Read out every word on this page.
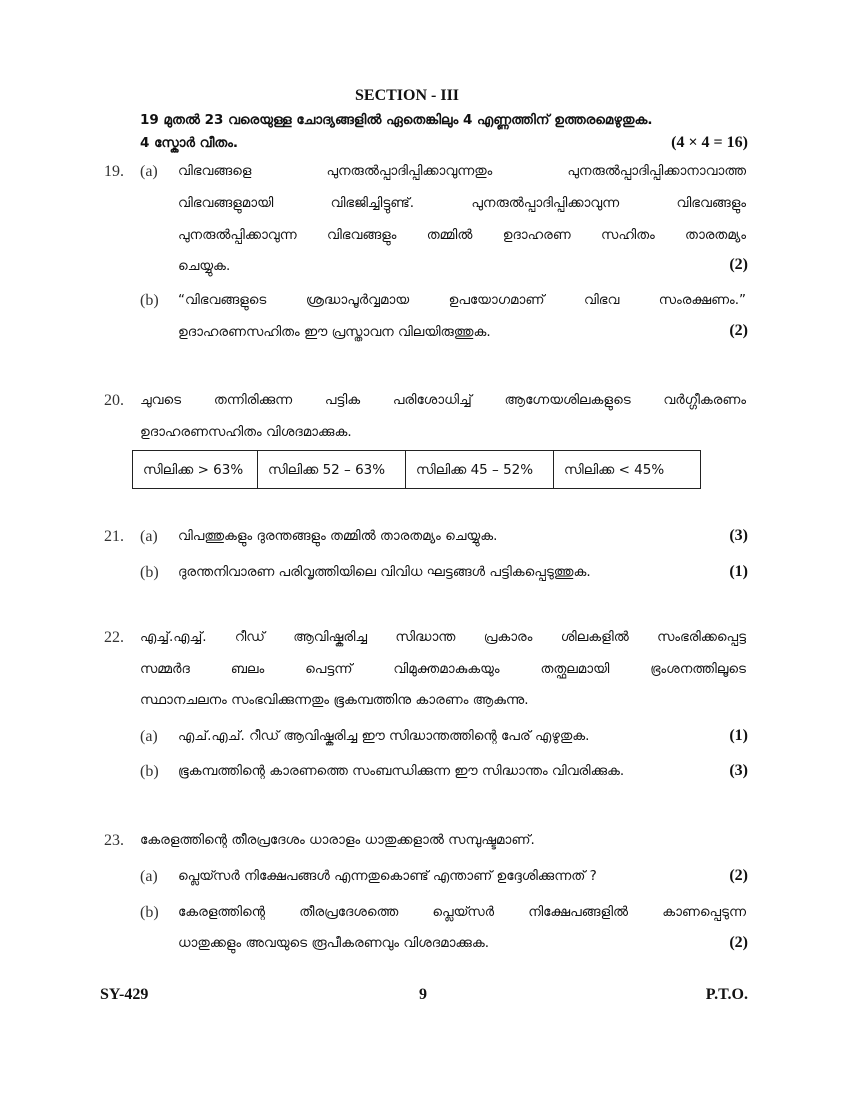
SECTION - III
19 മുതല്‍ 23 വരെയുള്ള ചോദ്യങ്ങളില്‍ ഏതെങ്കിലും 4 എണ്ണത്തിന് ഉത്തരമെഴുതുക.
4 സ്കോര്‍ വീതം.	(4 × 4 = 16)
19. (a) വിഭവങ്ങളെ പുനരുല്‍പ്പാദിപ്പിക്കാവുന്നതും പുനരുല്‍പ്പാദിപ്പിക്കാനാവാത്ത
വിഭവങ്ങളുമായി വിഭജിച്ചിട്ടുണ്ട്. പുനരുല്‍പ്പാദിപ്പിക്കാവുന്ന വിഭവങ്ങളും
പുനരുല്‍പ്പിക്കാവുന്ന വിഭവങ്ങളും തമ്മില്‍ ഉദാഹരണ സഹിതം താരതമ്യം
ചെയ്യുക.	(2)
(b) “വിഭവങ്ങളുടെ ശ്രദ്ധാപൂര്‍വ്വമായ ഉപയോഗമാണ് വിഭവ സംരക്ഷണം.”
ഉദാഹരണസഹിതം ഈ പ്രസ്താവന വിലയിരുത്തുക.	(2)
20. ചുവടെ തന്നിരിക്കുന്ന പട്ടിക പരിശോധിച്ച് ആഗ്നേയശിലകളുടെ വര്‍ഗ്ഗീകരണം
ഉദാഹരണസഹിതം വിശദമാക്കുക.
സിലിക്ക > 63%	സിലിക്ക 52 – 63%	സിലിക്ക 45 – 52%	സിലിക്ക < 45%
21. (a) വിപത്തുകളും ദുരന്തങ്ങളും തമ്മില്‍ താരതമ്യം ചെയ്യുക.	(3)
(b) ദുരന്തനിവാരണ പരിവൃത്തിയിലെ വിവിധ ഘട്ടങ്ങള്‍ പട്ടികപ്പെടുത്തുക.	(1)
22. എച്ച്.എച്ച്. റീഡ് ആവിഷ്കരിച്ച സിദ്ധാന്ത പ്രകാരം ശിലകളില്‍ സംഭരിക്കപ്പെട്ട
സമ്മര്‍ദ ബലം പെട്ടന്ന് വിമുക്തമാകുകയും തത്ഫലമായി ഭ്രംശനത്തിലൂടെ
സ്ഥാനചലനം സംഭവിക്കുന്നതും ഭൂകമ്പത്തിനു കാരണം ആകുന്നു.
(a) എച്.എച്. റീഡ് ആവിഷ്കരിച്ച ഈ സിദ്ധാന്തത്തിന്റെ പേര് എഴുതുക.	(1)
(b) ഭൂകമ്പത്തിന്റെ കാരണത്തെ സംബന്ധിക്കുന്ന ഈ സിദ്ധാന്തം വിവരിക്കുക.	(3)
23. കേരളത്തിന്റെ തീരപ്രദേശം ധാരാളം ധാതുക്കളാല്‍ സമ്പുഷ്ടമാണ്.
(a) പ്ലെയ്സര്‍ നിക്ഷേപങ്ങള്‍ എന്നതുകൊണ്ട് എന്താണ് ഉദ്ദേശിക്കുന്നത് ?	(2)
(b) കേരളത്തിന്റെ തീരപ്രദേശത്തെ പ്ലെയ്സര്‍ നിക്ഷേപങ്ങളില്‍ കാണപ്പെടുന്ന
ധാതുക്കളും അവയുടെ രൂപീകരണവും വിശദമാക്കുക.	(2)
SY-429	9	P.T.O.
